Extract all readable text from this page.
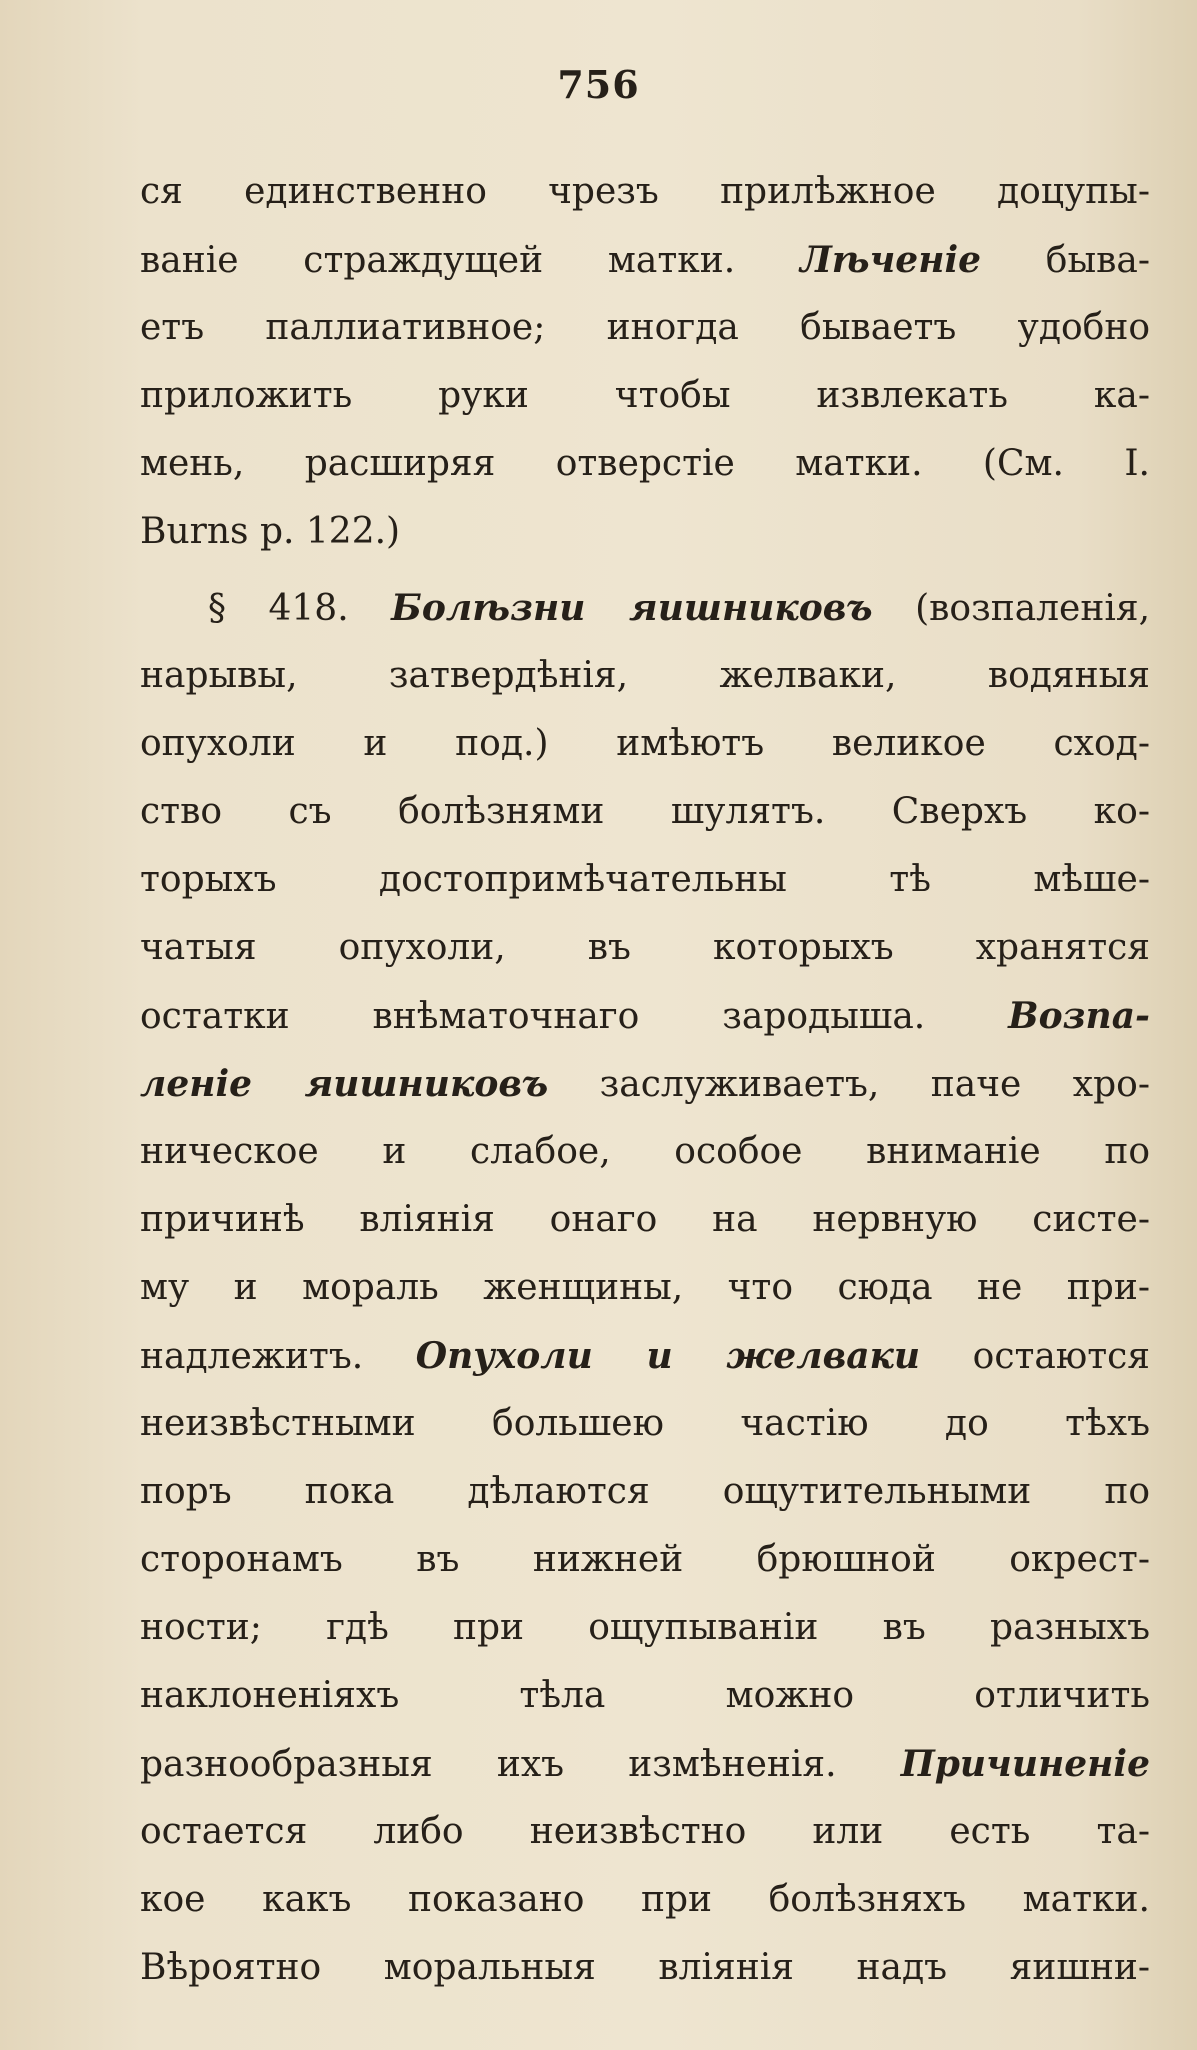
756
ся единственно чрезъ прилѣжное доцупы-
ваніе страждущей матки. Лѣченіе быва-
етъ паллиативное; иногда бываетъ удобно
приложить руки чтобы извлекать ка-
мень, расширяя отверстіе матки. (См. І.
Burns p. 122.)
§ 418. Болѣзни яишниковъ (возпаленія,
нарывы, затвердѣнія, желваки, водяныя
опухоли и под.) имѣютъ великое сход-
ство съ болѣзнями шулятъ. Сверхъ ко-
торыхъ достопримѣчательны тѣ мѣше-
чатыя опухоли, въ которыхъ хранятся
остатки внѣматочнаго зародыша. Возпа-
леніе яишниковъ заслуживаетъ, паче хро-
ническое и слабое, особое вниманіе по
причинѣ вліянія онаго на нервную систе-
му и мораль женщины, что сюда не при-
надлежитъ. Опухоли и желваки остаются
неизвѣстными большею частію до тѣхъ
поръ пока дѣлаются ощутительными по
сторонамъ въ нижней брюшной окрест-
ности; гдѣ при ощупываніи въ разныхъ
наклоненіяхъ тѣла можно отличить
разнообразныя ихъ измѣненія. Причиненіе
остается либо неизвѣстно или есть та-
кое какъ показано при болѣзняхъ матки.
Вѣроятно моральныя вліянія надъ яишни-
